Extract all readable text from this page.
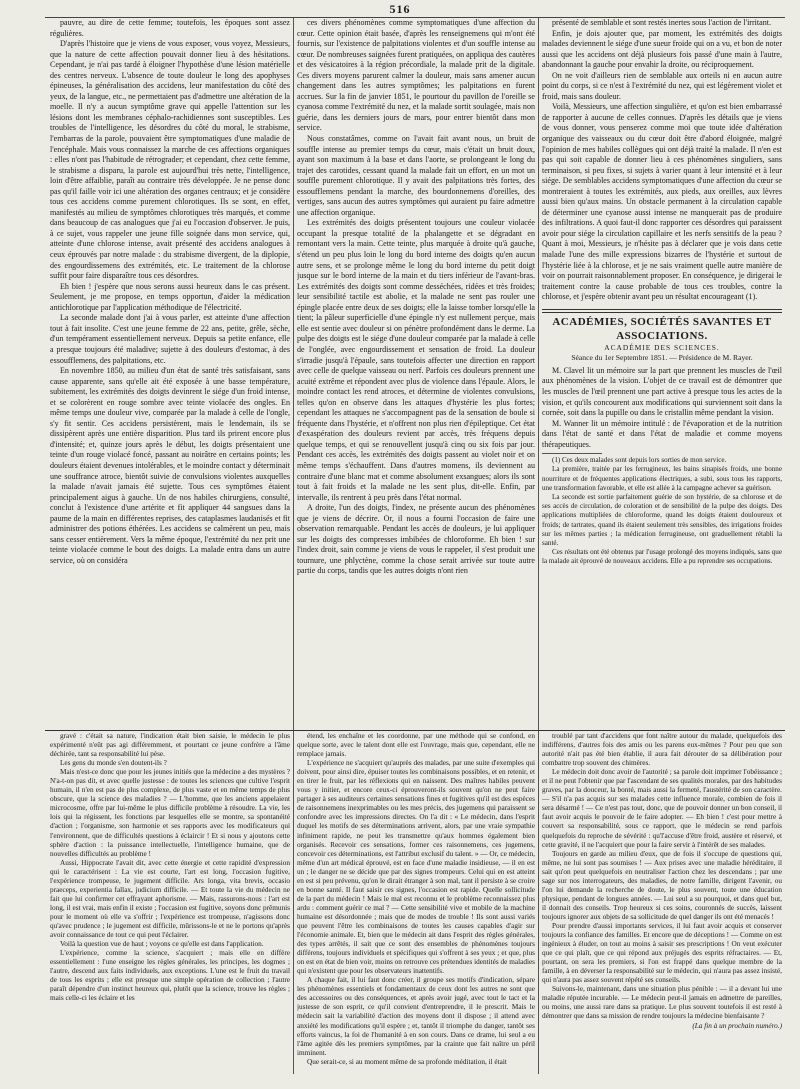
516

pauvre, au dire de cette femme; toutefois, les époques sont assez régulières.

D'après l'histoire que je viens de vous exposer, vous voyez, Messieurs, que la nature de cette affection pouvait donner lieu à des hésitations. Cependant, je n'ai pas tardé à éloigner l'hypothèse d'une lésion matérielle des centres nerveux. L'absence de toute douleur le long des apophyses épineuses, la généralisation des accidens, leur manifestation du côté des yeux, de la langue, etc., ne permettaient pas d'admettre une altération de la moelle. Il n'y a aucun symptôme grave qui appelle l'attention sur les lésions dont les membranes céphalo-rachidiennes sont susceptibles. Les troubles de l'intelligence, les désordres du côté du moral, le strabisme, l'embarras de la parole, pouvaient être symptomatiques d'une maladie de l'encéphale. Mais vous connaissez la marche de ces affections organiques : elles n'ont pas l'habitude de rétrograder; et cependant, chez cette femme, le strabisme a disparu, la parole est aujourd'hui très nette, l'intelligence, loin d'être affaiblie, paraît au contraire très développée. Je ne pense donc pas qu'il faille voir ici une altération des organes centraux; et je considère tous ces accidens comme purement chlorotiques. Ils se sont, en effet, manifestés au milieu de symptômes chlorotiques très marqués, et comme dans beaucoup de cas analogues que j'ai eu l'occasion d'observer. Je puis, à ce sujet, vous rappeler une jeune fille soignée dans mon service, qui, atteinte d'une chlorose intense, avait présenté des accidens analogues à ceux éprouvés par notre malade : du strabisme divergent, de la diplopie, des engourdissemens des extrémités, etc. Le traitement de la chlorose suffit pour faire disparaître tous ces désordres.

Eh bien ! j'espère que nous serons aussi heureux dans le cas présent. Seulement, je me propose, en temps opportun, d'aider la médication antichlorotique par l'application méthodique de l'électricité.

La seconde malade dont j'ai à vous parler, est atteinte d'une affection tout à fait insolite. C'est une jeune femme de 22 ans, petite, grêle, sèche, d'un tempérament essentiellement nerveux. Depuis sa petite enfance, elle a presque toujours été maladive; sujette à des douleurs d'estomac, à des essoufflemens, des palpitations, etc.

En novembre 1850, au milieu d'un état de santé très satisfaisant, sans cause apparente, sans qu'elle ait été exposée à une basse température, subitement, les extrémités des doigts devinrent le siége d'un froid intense, et se colorèrent en rouge sombre avec teinte violacée des ongles. En même temps une douleur vive, comparée par la malade à celle de l'ongle, s'y fit sentir. Ces accidens persistèrent, mais le lendemain, ils se dissipèrent après une entière disparition. Plus tard ils prirent encore plus d'intensité; et, quinze jours après le début, les doigts présentaient une teinte d'un rouge violacé foncé, passant au noirâtre en certains points; les douleurs étaient devenues intolérables, et le moindre contact y déterminait une souffrance atroce, bientôt suivie de convulsions violentes auxquelles la malade n'avait jamais été sujette. Tous ces symptômes étaient principalement aigus à gauche. Un de nos habiles chirurgiens, consulté, conclut à l'existence d'une artérite et fit appliquer 44 sangsues dans la paume de la main en différentes reprises, des cataplasmes laudanisés et fit administrer des potions éthérées. Les accidens se calmèrent un peu, mais sans cesser entièrement. Vers la même époque, l'extrémité du nez prit une teinte violacée comme le bout des doigts. La malade entra dans un autre service, où on considéra

ces divers phénomènes comme symptomatiques d'une affection du cœur. Cette opinion était basée, d'après les renseignemens qui m'ont été fournis, sur l'existence de palpitations violentes et d'un souffle intense au cœur. De nombreuses saignées furent pratiquées, on appliqua des cautères et des vésicatoires à la région précordiale, la malade prit de la digitale. Ces divers moyens parurent calmer la douleur, mais sans amener aucun changement dans les autres symptômes; les palpitations en furent accrues. Sur la fin de janvier 1851, le pourtour du pavillon de l'oreille se cyanosa comme l'extrémité du nez, et la malade sortit soulagée, mais non guérie, dans les derniers jours de mars, pour entrer bientôt dans mon service.

Nous constatâmes, comme on l'avait fait avant nous, un bruit de souffle intense au premier temps du cœur, mais c'était un bruit doux, ayant son maximum à la base et dans l'aorte, se prolongeant le long du trajet des carotides, cessant quand la malade fait un effort, en un mot un souffle purement chlorotique. Il y avait des palpitations très fortes, des essoufflemens pendant la marche, des bourdonnemens d'oreilles, des vertiges, sans aucun des autres symptômes qui auraient pu faire admettre une affection organique.

Les extrémités des doigts présentent toujours une couleur violacée occupant la presque totalité de la phalangette et se dégradant en remontant vers la main. Cette teinte, plus marquée à droite qu'à gauche, s'étend un peu plus loin le long du bord interne des doigts qu'en aucun autre sens, et se prolonge même le long du bord interne du petit doigt jusque sur le bord interne de la main et du tiers inférieur de l'avant-bras. Les extrémités des doigts sont comme desséchées, ridées et très froides; leur sensibilité tactile est abolie, et la malade ne sent pas rouler une épingle placée entre deux de ses doigts; elle la laisse tomber lorsqu'elle la tient; la pâleur superficielle d'une épingle n'y est nullement perçue, mais elle est sentie avec douleur si on pénètre profondément dans le derme. La pulpe des doigts est le siége d'une douleur comparée par la malade à celle de l'onglée, avec engourdissement et sensation de froid. La douleur s'irradie jusqu'à l'épaule, sans toutefois affecter une direction en rapport avec celle de quelque vaisseau ou nerf. Parfois ces douleurs prennent une acuité extrême et répondent avec plus de violence dans l'épaule. Alors, le moindre contact les rend atroces, et détermine de violentes convulsions, telles qu'on en observe dans les attaques d'hystérie les plus fortes; cependant les attaques ne s'accompagnent pas de la sensation de boule si fréquente dans l'hystérie, et n'offrent non plus rien d'épileptique. Cet état d'exaspération des douleurs revient par accès, très fréquens depuis quelque temps, et qui se renouvellent jusqu'à cinq ou six fois par jour. Pendant ces accès, les extrémités des doigts passent au violet noir et on même temps s'échauffent. Dans d'autres momens, ils deviennent au contraire d'une blanc mat et comme absolument exsangues; alors ils sont tout à fait froids et la malade ne les sent plus, dit-elle. Enfin, par intervalle, ils rentrent à peu près dans l'état normal.

A droite, l'un des doigts, l'index, ne présente aucun des phénomènes que je viens de décrire. Or, il nous a fourni l'occasion de faire une observation remarquable. Pendant les accès de douleurs, je lui appliquer sur les doigts des compresses imbibées de chloroforme. Eh bien ! sur l'index droit, sain comme je viens de vous le rappeler, il s'est produit une tournure, une phlyctène, comme la chose serait arrivée sur toute autre partie du corps, tandis que les autres doigts n'ont rien

présenté de semblable et sont restés inertes sous l'action de l'irritant.

Enfin, je dois ajouter que, par moment, les extrémités des doigts malades deviennent le siége d'une sueur froide qui on a vu, et bon de noter aussi que les accidens ont déjà plusieurs fois passé d'une main à l'autre, abandonnant la gauche pour envahir la droite, ou réciproquement.

On ne voit d'ailleurs rien de semblable aux orteils ni en aucun autre point du corps, si ce n'est à l'extrémité du nez, qui est légèrement violet et froid, mais sans douleur.

Voilà, Messieurs, une affection singulière, et qu'on est bien embarrassé de rapporter à aucune de celles connues. D'après les détails que je viens de vous donner, vous penserez comme moi que toute idée d'altération organique des vaisseaux ou du cœur doit être d'abord éloignée, malgré l'opinion de mes habiles collègues qui ont déjà traité la malade. Il n'en est pas qui soit capable de donner lieu à ces phénomènes singuliers, sans terminaison, si peu fixes, si sujets à varier quant à leur intensité et à leur siége. De semblables accidens symptomatiques d'une affection du cœur se montreraient à toutes les extrémités, aux pieds, aux oreilles, aux lèvres aussi bien qu'aux mains. Un obstacle permanent à la circulation capable de déterminer une cyanose aussi intense ne manquerait pas de produire des infiltrations. A quoi faut-il donc rapporter ces désordres qui paraissent avoir pour siége la circulation capillaire et les nerfs sensitifs de la peau ? Quant à moi, Messieurs, je n'hésite pas à déclarer que je vois dans cette malade l'une des mille expressions bizarres de l'hystérie et surtout de l'hystérie liée à la chlorose, et je ne sais vraiment quelle autre manière de voir on pourrait raisonnablement proposer. En conséquence, je dirigerai le traitement contre la cause probable de tous ces troubles, contre la chlorose, et j'espère obtenir avant peu un résultat encourageant (1).

ACADÉMIES, SOCIÉTÉS SAVANTES ET ASSOCIATIONS.

ACADÉMIE DES SCIENCES.

Séance du 1er Septembre 1851. — Présidence de M. Rayer.

M. Clavel lit un mémoire sur la part que prennent les muscles de l'œil aux phénomènes de la vision. L'objet de ce travail est de démontrer que les muscles de l'œil prennent une part active à presque tous les actes de la vision, et qu'ils concourent aux modifications qui surviennent soit dans la cornée, soit dans la pupille ou dans le cristallin même pendant la vision.

M. Wanner lit un mémoire intitulé : de l'évaporation et de la nutrition dans l'état de santé et dans l'état de maladie et comme moyens thérapeutiques.

(1) Ces deux malades sont depuis lors sorties de mon service.

La première, traitée par les ferrugineux, les bains sinapisés froids, une bonne nourriture et de fréquentes applications électriques, a subi, sous tous les rapports, une transformation favorable, et elle est allée à la campagne achever sa guérison.

La seconde est sortie parfaitement guérie de son hystérie, de sa chlorose et de ses accès de circulation, de coloration et de sensibilité de la pulpe des doigts. Des applications multipliées de chloroforme, quand les doigts étaient douloureux et froids; de tartrates, quand ils étaient seulement très sensibles, des irrigations froides sur les mêmes parties ; la médication ferrugineuse, ont graduellement rétabli la santé.

Ces résultats ont été obtenus par l'usage prolongé des moyens indiqués, sans que la malade ait éprouvé de nouveaux accidens. Elle a pu reprendre ses occupations.

gravé : c'était sa nature, l'indication était bien saisie, le médecin le plus expérimenté n'eût pas agi différemment, et pourtant ce jeune confrère a l'âme déchirée, tant sa responsabilité lui pèse.

Les gens du monde s'en doutent-ils ?

Mais n'est-ce donc que pour les jeunes initiés que la médecine a des mystères ? N'a-t-on pas dit, et avec quelle justesse : de toutes les sciences que cultive l'esprit humain, il n'en est pas de plus complexe, de plus vaste et en même temps de plus obscure, que la science des maladies ? — L'homme, que les anciens appelaient microcosme, offre par lui-même le plus difficile problème à résoudre. La vie, les lois qui la régissent, les fonctions par lesquelles elle se montre, sa spontanéité d'action ; l'organisme, son harmonie et ses rapports avec les modificateurs qui l'environnent, que de difficultés questions à éclaircir ! Et si nous y ajoutons cette sphère d'action : la puissance intellectuelle, l'intelligence humaine, que de nouvelles difficultés au problème !

Aussi, Hippocrate l'avait dit, avec cette énergie et cette rapidité d'expression qui le caractérisent : La vie est courte, l'art est long, l'occasion fugitive, l'expérience trompeuse, le jugement difficile. Ars longa, vita brevis, occasio praeceps, experientia fallax, judicium difficile. — Et toute la vie du médecin ne fait que lui confirmer cet effrayant aphorisme. — Mais, rassurons-nous : l'art est long, il est vrai, mais enfin il existe ; l'occasion est fugitive, soyons donc prêmunis pour le moment où elle va s'offrir ; l'expérience est trompeuse, n'agissons donc qu'avec prudence ; le jugement est difficile, mûrissons-le et ne le portons qu'après avoir connaissance de tout ce qui peut l'éclairer.

Voilà la question vue de haut ; voyons ce qu'elle est dans l'application.

L'expérience, comme la science, s'acquiert ; mais elle en diffère essentiellement : l'une enseigne les règles générales, les principes, les dogmes ; l'autre, descend aux faits individuels, aux exceptions. L'une est le fruit du travail de tous les esprits ; elle est presque une simple opération de collection ; l'autre paraît dépendre d'un instinct heureux qui, plutôt que la science, trouve les règles ; mais celle-ci les éclaire et les

étend, les enchaîne et les coordonne, par une méthode qui se confond, en quelque sorte, avec le talent dont elle est l'ouvrage, mais que, cependant, elle ne remplace jamais.

L'expérience ne s'acquiert qu'auprès des malades, par une suite d'exemples qui doivent, pour ainsi dire, épuiser toutes les combinaisons possibles, et en retenir, et en tirer le fruit, par les réflexions qui en naissent. Des maîtres habiles peuvent vous y initier, et encore ceux-ci éprouveront-ils souvent qu'on ne peut faire partager à ses auditeurs certaines sensations fines et fugitives qu'il est des espèces de raisonnemens inexprimables ou les mes précis, des jugemens qui paraissent se confondre avec les impressions directes. On l'a dit : « Le médecin, dans l'esprit duquel les motifs de ses déterminations arrivent, alors, par une vraie sympathie infiniment rapide, ne peut les transmettre qu'aux hommes également bien organisés. Recevoir ces sensations, former ces raisonnemens, ces jugemens, concevoir ces déterminations, est l'attribut exclusif du talent. » — Or, ce médecin, même d'un art médical éprouvé, est en face d'une maladie insidieuse, — il en est un ; le danger ne se décide que par des signes trompeurs. Celui qui en est atteint en est si peu prévenu, qu'on le dirait étranger à son mal, tant il persiste à se croire en bonne santé. Il faut saisir ces signes, l'occasion est rapide. Quelle sollicitude de la part du médecin ! Mais le mal est reconnu et le problème reconnaissez plus ardu : comment guérir ce mal ? — Cette sensibilité vive et mobile de la machine humaine est désordonnée ; mais que de modes de trouble ! Ils sont aussi variés que peuvent l'être les combinaisons de toutes les causes capables d'agir sur l'économie animale. Et, bien que le médecin ait dans l'esprit des règles générales, des types arrêtés, il sait que ce sont des ensembles de phénomènes toujours différens, toujours individuels et spécifiques qui s'offrent à ses yeux ; et que, plus on est en état de bien voir, moins on retrouve ces prétendues identités de maladies qui n'existent que pour les observateurs inattentifs.

A chaque fait, il lui faut donc créer, il groupe ses motifs d'indication, sépare les phénomènes essentiels et fondamentaux de ceux dont les autres ne sont que des accessoires ou des conséquences, et après avoir jugé, avec tout le tact et la justesse de son esprit, ce qu'il convient d'entreprendre, il le prescrit. Mais le médecin sait la variabilité d'action des moyens dont il dispose ; il attend avec anxiété les modifications qu'il espère ; et, tantôt il triomphe du danger, tantôt ses efforts vaincus, la foi de l'humanité à en son cours. Dans ce drame, lui seul a eu l'âme agitée dès les premiers symptômes, par la crainte que fait naître un péril imminent.

Que serait-ce, si au moment même de sa profonde méditation, il était

troublé par tant d'accidens que font naître autour du malade, quelquefois des indifférens, d'autres fois des amis ou les parens eux-mêmes ? Pour peu que son autorité n'ait pas été bien établie, il aura fait dérouter de sa délibération pour combattre trop souvent des chimères.

Le médecin doit donc avoir de l'autorité ; sa parole doit imprimer l'obéissance ; et il ne peut l'obtenir que par l'ascendant de ses qualités morales, par des habitudes graves, par la douceur, la bonté, mais aussi la fermeté, l'austérité de son caractère. — S'il n'a pas acquis sur ses malades cette influence morale, combien de fois il sera désarmé ! — Ce n'est pas tout, donc, que de pouvoir donner un bon conseil, il faut avoir acquis le pouvoir de le faire adopter. — Eh bien ! c'est pour mettre à couvert sa responsabilité, sous ce rapport, que le médecin se rend parfois quelquefois du reproche de sévérité : qu'l'accuse d'être froid, austère et réservé, et cette gravité, il ne l'acquiert que pour la faire servir à l'intérêt de ses malades.

Toujours en garde au milieu d'eux, que de fois il s'occupe de questions qui, même, ne lui sont pas soumises ! — Aux prises avec une maladie héréditaire, il sait qu'on peut quelquefois en neutraliser l'action chez les descendans ; par une sage sur nos interrogateurs, des maladies, de notre famille, dirigent l'avenir, ou l'on lui demande la recherche de doute, le plus souvent, toute une éducation physique, pendant de longues années. — Lui seul a su pourquoi, et dans quel but, il donnait des conseils. Trop heureux si ces soins, couronnés de succès, laissent toujours ignorer aux objets de sa sollicitude de quel danger ils ont été menacés !

Pour prendre d'aussi importants services, il lui faut avoir acquis et conserver toujours la confiance des familles. Et encore que de déceptions ! — Comme on est ingénieux à éluder, on tout au moins à saisir ses prescriptions ! On veut exécuter que ce qui plaît, que ce qui répond aux préjugés des esprits réfractaires. — Et, pourtant, on sera les premiers, si l'on est frappé dans quelque membre de la famille, à en déverser la responsabilité sur le médecin, qui n'aura pas assez insisté, qui n'aura pas assez souvent répété ses conseils.

Suivons-le, maintenant, dans une situation plus pénible : — il a devant lui une maladie réputée incurable. — Le médecin peut-il jamais en admettre de pareilles, ou moins, une aussi rare dans sa pratique. Le plus souvent toutefois il est resté à démontrer que dans sa mission de rendre toujours la médecine bienfaisante ?

(La fin à un prochain numéro.)
